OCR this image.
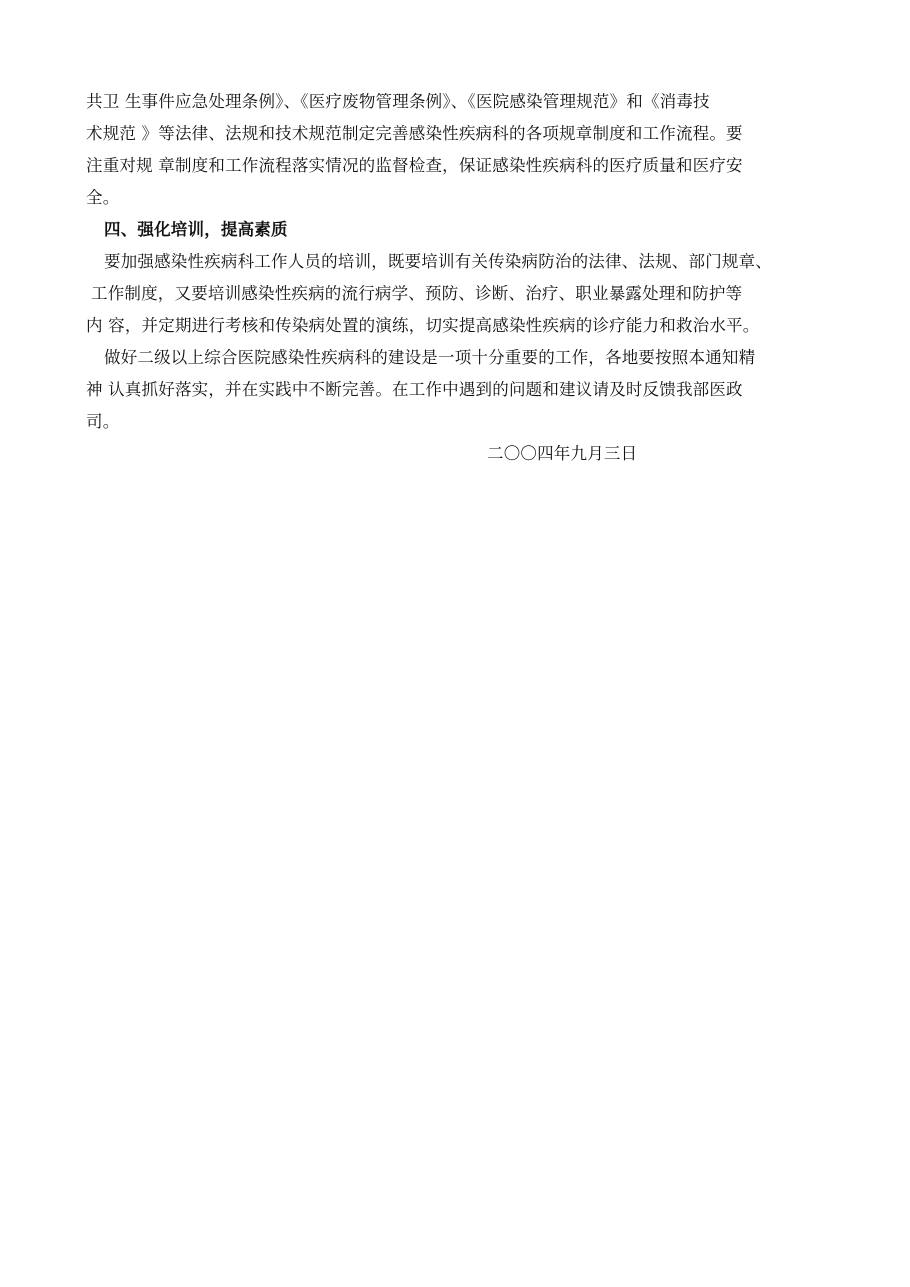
共卫 生事件应急处理条例》、《医疗废物管理条例》、《医院感染管理规范》和《消毒技
术规范 》等法律、法规和技术规范制定完善感染性疾病科的各项规章制度和工作流程。要
注重对规 章制度和工作流程落实情况的监督检查，保证感染性疾病科的医疗质量和医疗安
全。
四、强化培训，提高素质
要加强感染性疾病科工作人员的培训，既要培训有关传染病防治的法律、法规、部门规章、
工作制度，又要培训感染性疾病的流行病学、预防、诊断、治疗、职业暴露处理和防护等
内 容，并定期进行考核和传染病处置的演练，切实提高感染性疾病的诊疗能力和救治水平。
做好二级以上综合医院感染性疾病科的建设是一项十分重要的工作，各地要按照本通知精
神 认真抓好落实，并在实践中不断完善。在工作中遇到的问题和建议请及时反馈我部医政
司。
二〇〇四年九月三日
